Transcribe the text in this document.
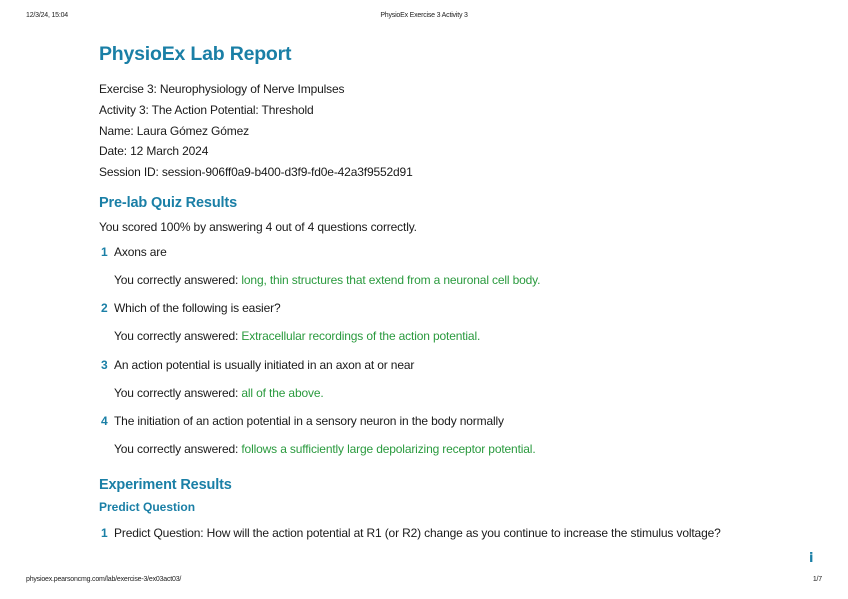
12/3/24, 15:04	PhysioEx Exercise 3 Activity 3
PhysioEx Lab Report
Exercise 3: Neurophysiology of Nerve Impulses
Activity 3: The Action Potential: Threshold
Name: Laura Gómez Gómez
Date: 12 March 2024
Session ID: session-906ff0a9-b400-d3f9-fd0e-42a3f9552d91
Pre-lab Quiz Results
You scored 100% by answering 4 out of 4 questions correctly.
1 Axons are
You correctly answered: long, thin structures that extend from a neuronal cell body.
2 Which of the following is easier?
You correctly answered: Extracellular recordings of the action potential.
3 An action potential is usually initiated in an axon at or near
You correctly answered: all of the above.
4 The initiation of an action potential in a sensory neuron in the body normally
You correctly answered: follows a sufficiently large depolarizing receptor potential.
Experiment Results
Predict Question
1 Predict Question: How will the action potential at R1 (or R2) change as you continue to increase the stimulus voltage?
i
physioex.pearsoncmg.com/lab/exercise-3/ex03act03/	1/7
